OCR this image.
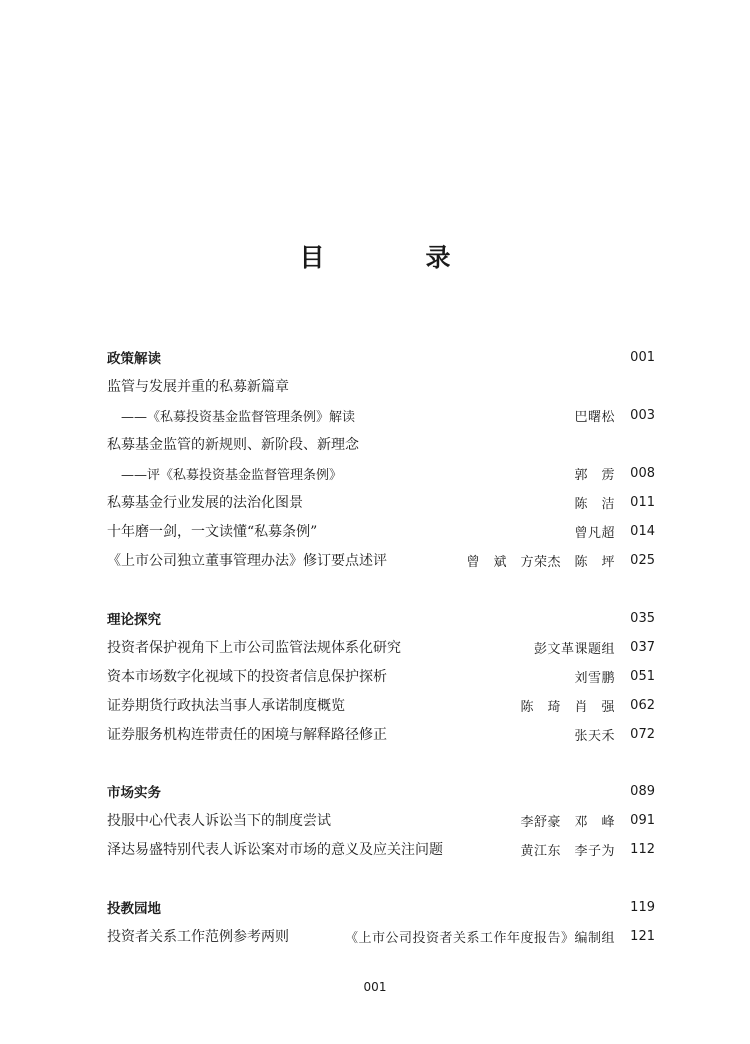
目　录
政策解读	001
监管与发展并重的私募新篇章
——《私募投资基金监督管理条例》解读	巴曙松	003
私募基金监管的新规则、新阶段、新理念
——评《私募投资基金监督管理条例》	郭　雳	008
私募基金行业发展的法治化图景	陈　洁	011
十年磨一剑，一文读懂“私募条例”	曾凡超	014
《上市公司独立董事管理办法》修订要点述评	曾　斌　方荣杰　陈　坪	025
理论探究	035
投资者保护视角下上市公司监管法规体系化研究	彭文革课题组	037
资本市场数字化视域下的投资者信息保护探析	刘雪鹏	051
证券期货行政执法当事人承诺制度概览	陈　琦　肖　强	062
证券服务机构连带责任的困境与解释路径修正	张天禾	072
市场实务	089
投服中心代表人诉讼当下的制度尝试	李舒豪　邓　峰	091
泽达易盛特别代表人诉讼案对市场的意义及应关注问题	黄江东　李子为	112
投教园地	119
投资者关系工作范例参考两则	《上市公司投资者关系工作年度报告》编制组	121
001
